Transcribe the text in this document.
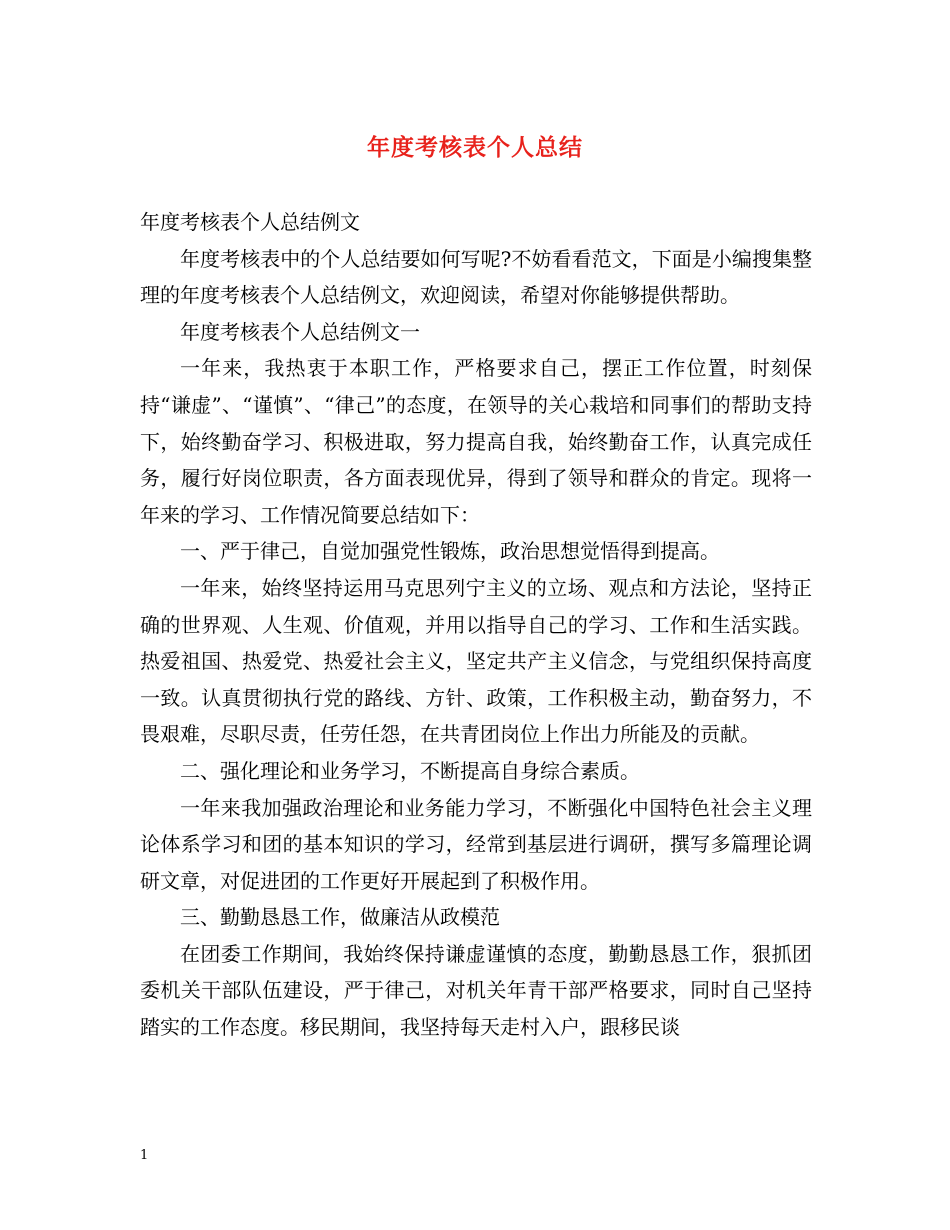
年度考核表个人总结

年度考核表个人总结例文

年度考核表中的个人总结要如何写呢?不妨看看范文，下面是小编搜集整理的年度考核表个人总结例文，欢迎阅读，希望对你能够提供帮助。

年度考核表个人总结例文一

一年来，我热衷于本职工作，严格要求自己，摆正工作位置，时刻保持“谦虚”、“谨慎”、“律己”的态度，在领导的关心栽培和同事们的帮助支持下，始终勤奋学习、积极进取，努力提高自我，始终勤奋工作，认真完成任务，履行好岗位职责，各方面表现优异，得到了领导和群众的肯定。现将一年来的学习、工作情况简要总结如下：

一、严于律己，自觉加强党性锻炼，政治思想觉悟得到提高。

一年来，始终坚持运用马克思列宁主义的立场、观点和方法论，坚持正确的世界观、人生观、价值观，并用以指导自己的学习、工作和生活实践。热爱祖国、热爱党、热爱社会主义，坚定共产主义信念，与党组织保持高度一致。认真贯彻执行党的路线、方针、政策，工作积极主动，勤奋努力，不畏艰难，尽职尽责，任劳任怨，在共青团岗位上作出力所能及的贡献。

二、强化理论和业务学习，不断提高自身综合素质。

一年来我加强政治理论和业务能力学习，不断强化中国特色社会主义理论体系学习和团的基本知识的学习，经常到基层进行调研，撰写多篇理论调研文章，对促进团的工作更好开展起到了积极作用。

三、勤勤恳恳工作，做廉洁从政模范

在团委工作期间，我始终保持谦虚谨慎的态度，勤勤恳恳工作，狠抓团委机关干部队伍建设，严于律己，对机关年青干部严格要求，同时自己坚持踏实的工作态度。移民期间，我坚持每天走村入户，跟移民谈

1
